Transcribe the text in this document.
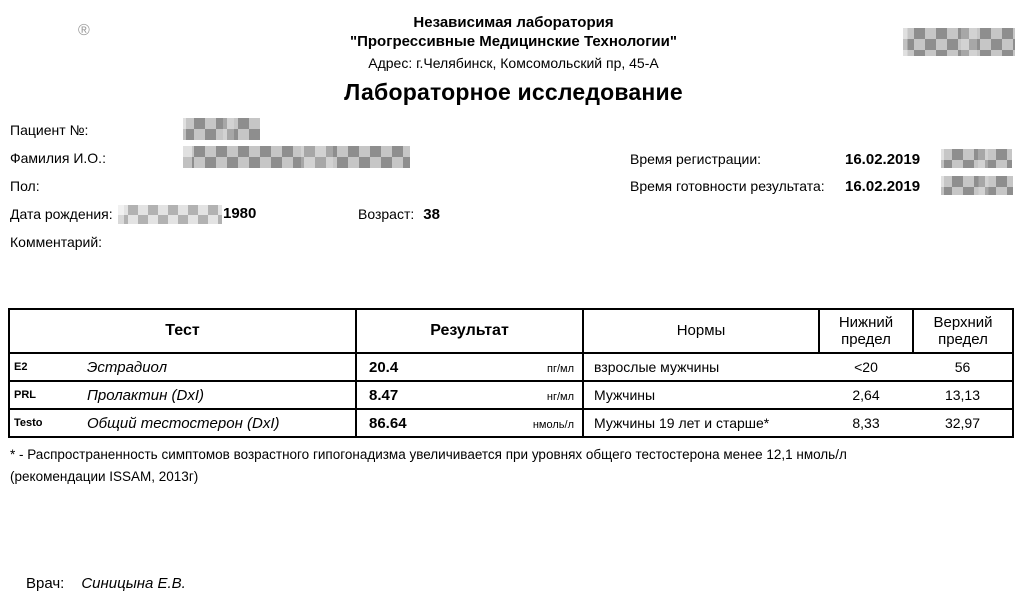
®	Независимая лаборатория
"Прогрессивные Медицинские Технологии"
Адрес: г.Челябинск, Комсомольский пр, 45-А
Лабораторное исследование
Пациент №:
Фамилия И.О.:
Пол:
Дата рождения:	1980	Возраст: 38
Комментарий:
Время регистрации:	16.02.2019
Время готовности результата:	16.02.2019
Тест	Результат	Нормы	Нижний предел	Верхний предел
E2 Эстрадиол	20.4 пг/мл	взрослые мужчины	<20	56
PRL Пролактин (DxI)	8.47 нг/мл	Мужчины	2,64	13,13
Testo Общий тестостерон (DxI)	86.64 нмоль/л	Мужчины 19 лет и старше*	8,33	32,97
* - Распространенность симптомов возрастного гипогонадизма увеличивается при уровнях общего тестостерона менее 12,1 нмоль/л
(рекомендации ISSAM, 2013г)
Врач: Синицына Е.В.
